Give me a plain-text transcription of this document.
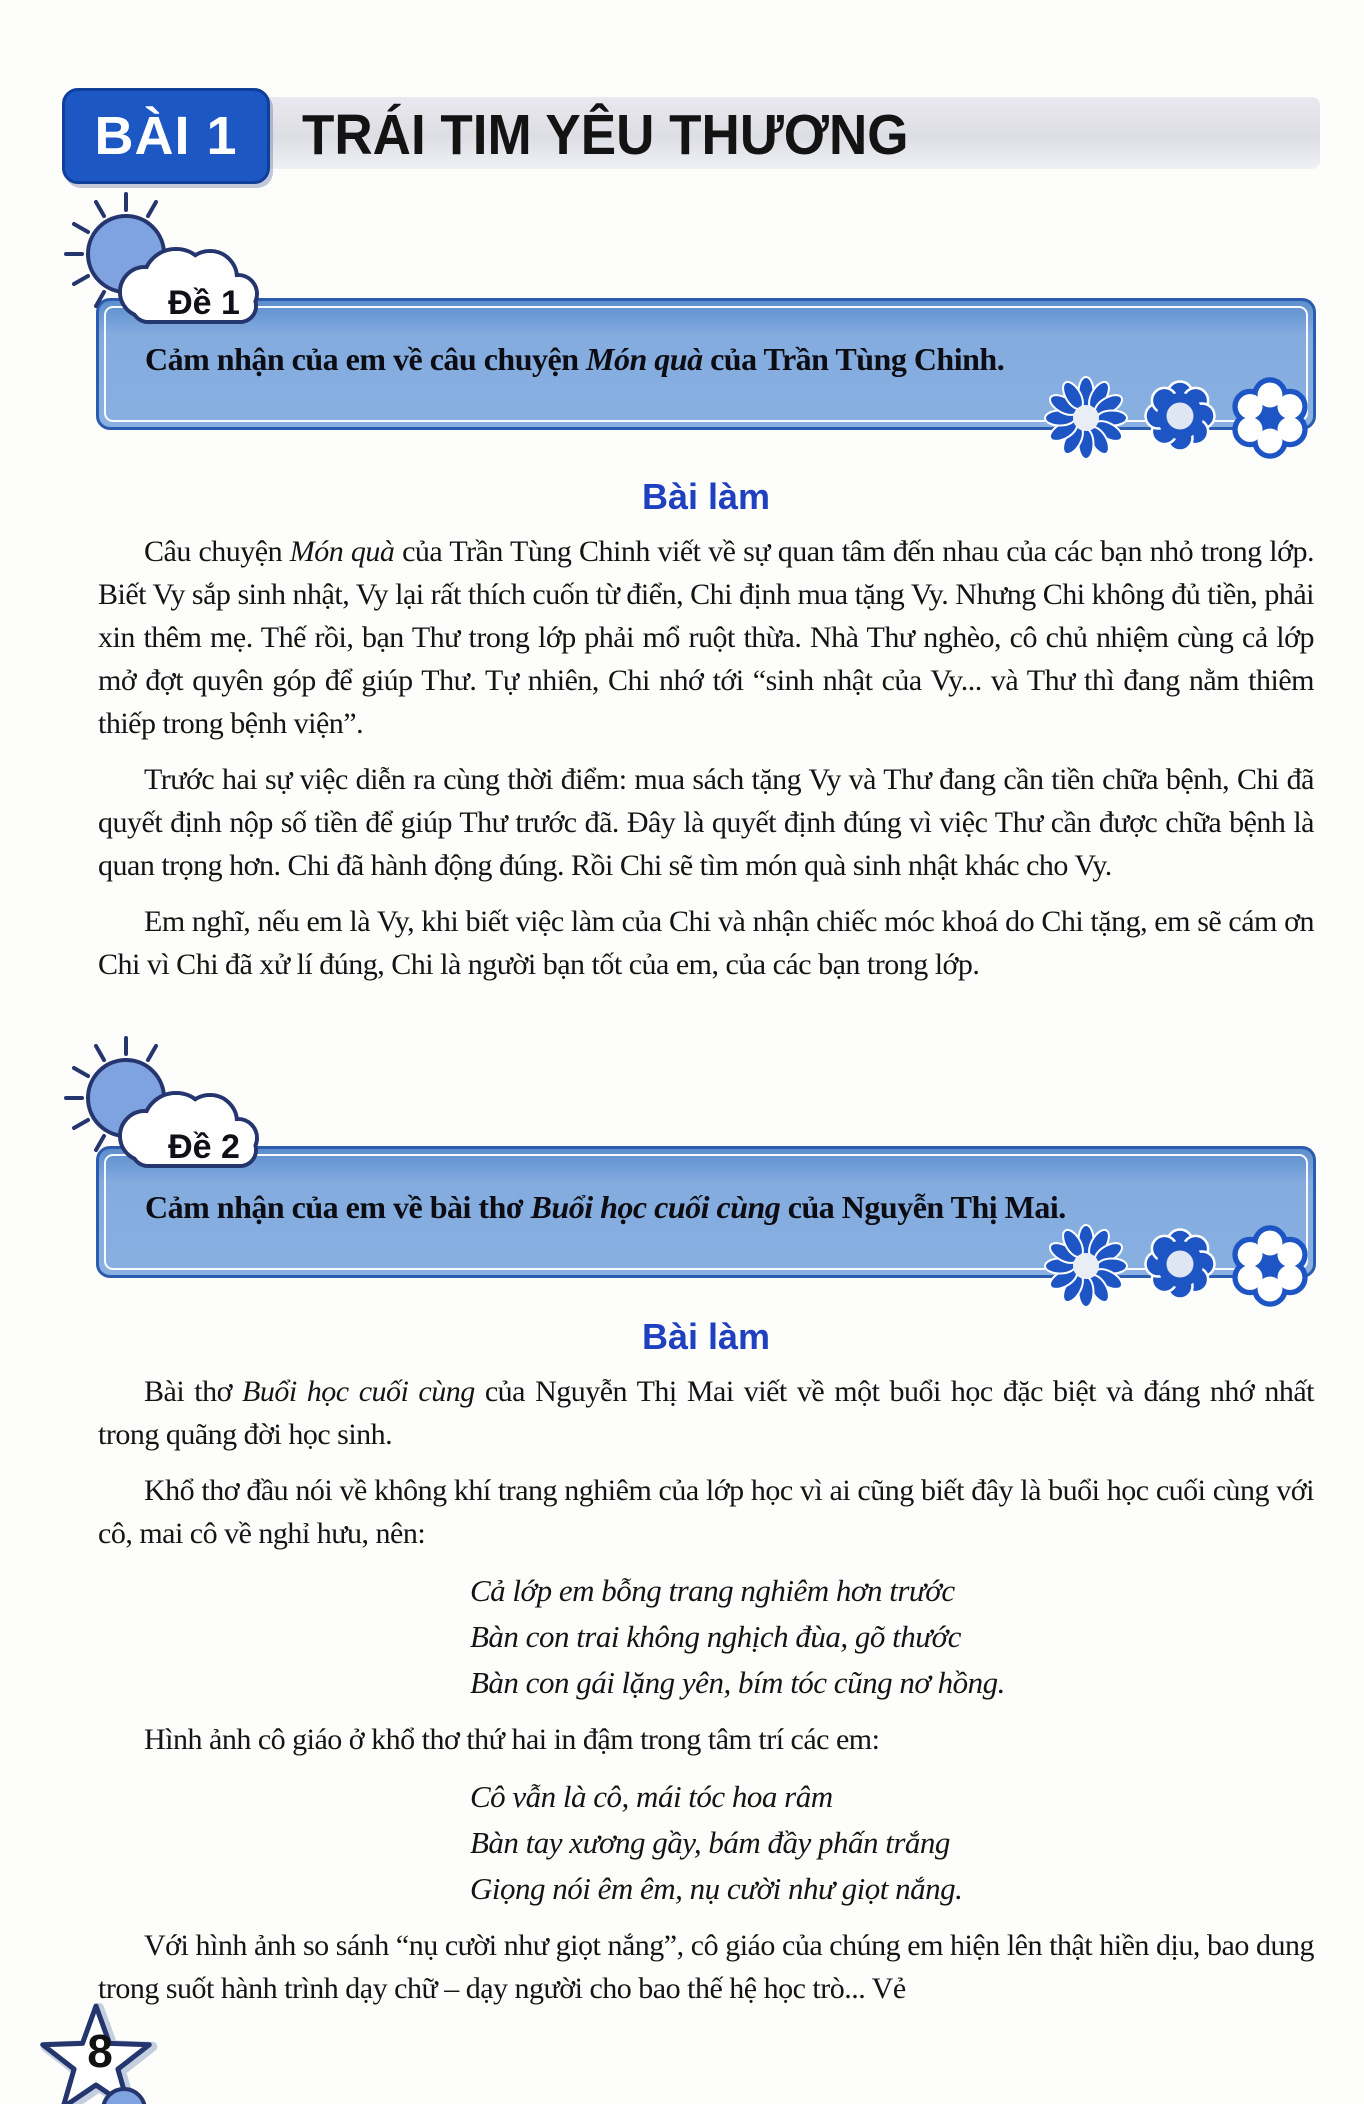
BÀI 1	TRÁI TIM YÊU THƯƠNG

Cảm nhận của em về câu chuyện Món quà của Trần Tùng Chinh.

Đề 1
Bài làm

Câu chuyện Món quà của Trần Tùng Chinh viết về sự quan tâm đến nhau của các bạn nhỏ trong lớp. Biết Vy sắp sinh nhật, Vy lại rất thích cuốn từ điển, Chi định mua tặng Vy. Nhưng Chi không đủ tiền, phải xin thêm mẹ. Thế rồi, bạn Thư trong lớp phải mổ ruột thừa. Nhà Thư nghèo, cô chủ nhiệm cùng cả lớp mở đợt quyên góp để giúp Thư. Tự nhiên, Chi nhớ tới “sinh nhật của Vy... và Thư thì đang nằm thiêm thiếp trong bệnh viện”.

Trước hai sự việc diễn ra cùng thời điểm: mua sách tặng Vy và Thư đang cần tiền chữa bệnh, Chi đã quyết định nộp số tiền để giúp Thư trước đã. Đây là quyết định đúng vì việc Thư cần được chữa bệnh là quan trọng hơn. Chi đã hành động đúng. Rồi Chi sẽ tìm món quà sinh nhật khác cho Vy.

Em nghĩ, nếu em là Vy, khi biết việc làm của Chi và nhận chiếc móc khoá do Chi tặng, em sẽ cám ơn Chi vì Chi đã xử lí đúng, Chi là người bạn tốt của em, của các bạn trong lớp.

Cảm nhận của em về bài thơ Buổi học cuối cùng của Nguyễn Thị Mai.

Đề 2
Bài làm

Bài thơ Buổi học cuối cùng của Nguyễn Thị Mai viết về một buổi học đặc biệt và đáng nhớ nhất trong quãng đời học sinh.

Khổ thơ đầu nói về không khí trang nghiêm của lớp học vì ai cũng biết đây là buổi học cuối cùng với cô, mai cô về nghỉ hưu, nên:

Cả lớp em bỗng trang nghiêm hơn trước
Bàn con trai không nghịch đùa, gõ thước
Bàn con gái lặng yên, bím tóc cũng nơ hồng.

Hình ảnh cô giáo ở khổ thơ thứ hai in đậm trong tâm trí các em:

Cô vẫn là cô, mái tóc hoa râm
Bàn tay xương gầy, bám đầy phấn trắng
Giọng nói êm êm, nụ cười như giọt nắng.

Với hình ảnh so sánh “nụ cười như giọt nắng”, cô giáo của chúng em hiện lên thật hiền dịu, bao dung trong suốt hành trình dạy chữ – dạy người cho bao thế hệ học trò... Vẻ

8
